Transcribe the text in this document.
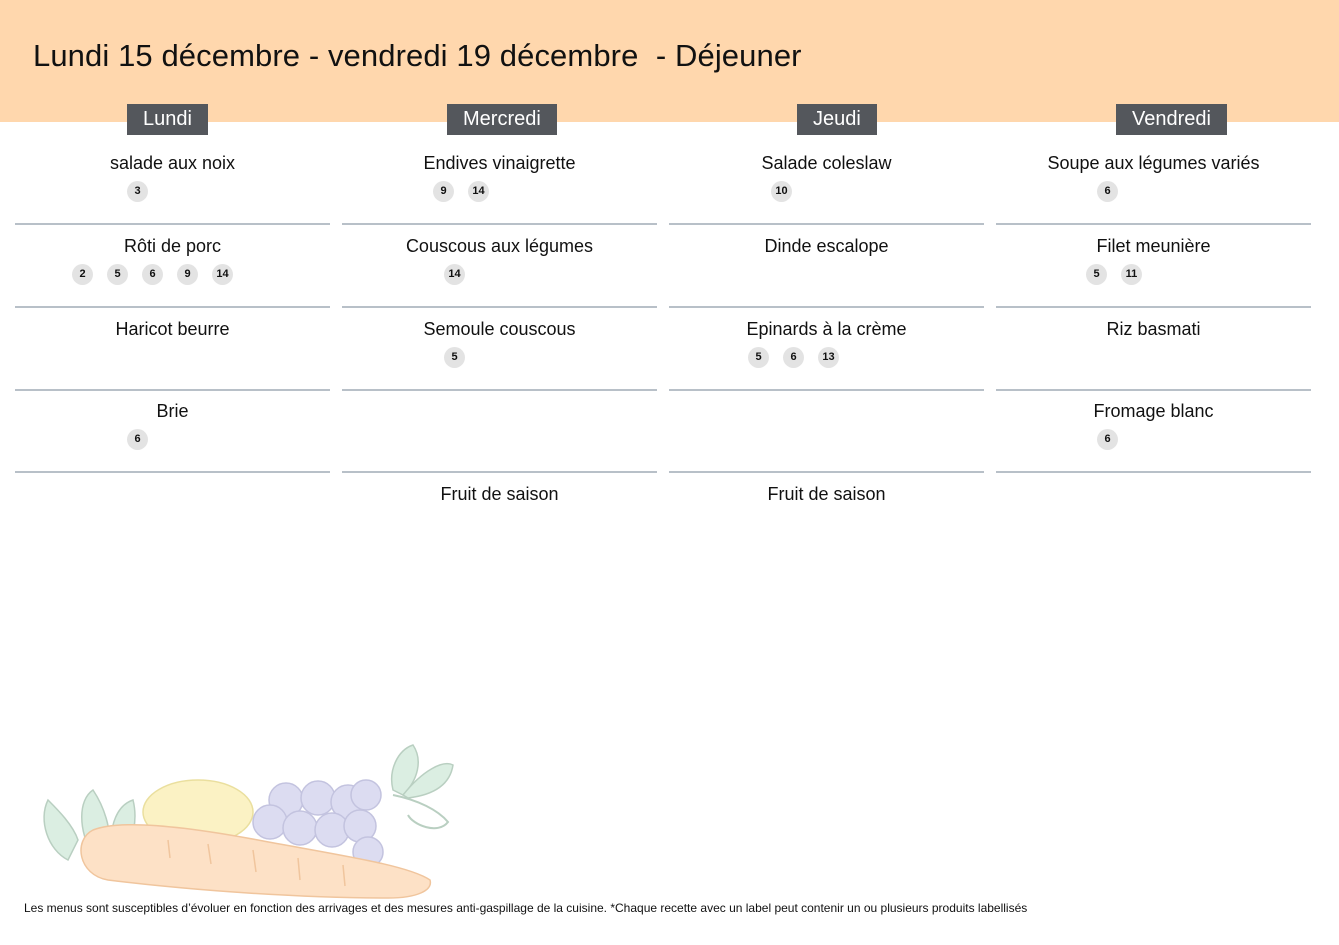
Lundi 15 décembre - vendredi 19 décembre  - Déjeuner
Lundi
salade aux noix
3
Rôti de porc
2	5	6	9	14
Haricot beurre
Brie
6
Mercredi
Endives vinaigrette
9	14
Couscous aux légumes
14
Semoule couscous
5
Fruit de saison
Jeudi
Salade coleslaw
10
Dinde escalope
Epinards à la crème
5	6	13
Fruit de saison
Vendredi
Soupe aux légumes variés
6
Filet meunière
5	11
Riz basmati
Fromage blanc
6
Les menus sont susceptibles d’évoluer en fonction des arrivages et des mesures anti-gaspillage de la cuisine. *Chaque recette avec un label peut contenir un ou plusieurs produits labellisés
